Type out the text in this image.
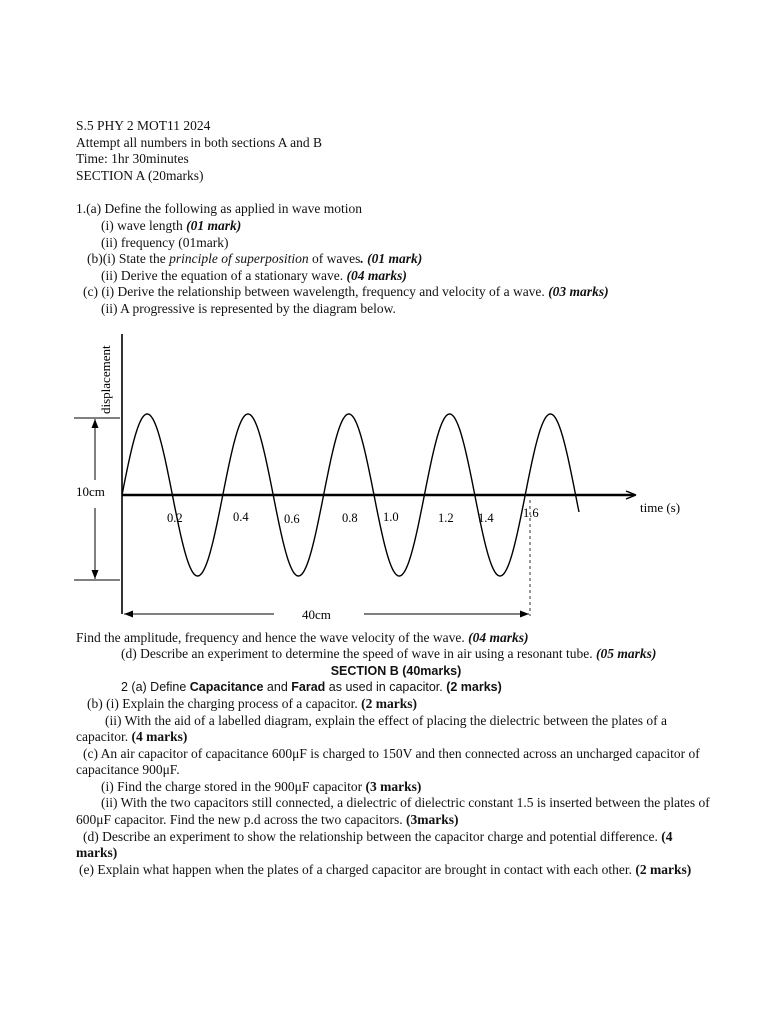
S.5 PHY 2 MOT11 2024
Attempt all numbers in both sections A and B
Time: 1hr 30minutes
SECTION A (20marks)
1.(a) Define the following as applied in wave motion
(i) wave length (01 mark)
(ii) frequency (01mark)
(b)(i) State the principle of superposition of waves. (01 mark)
(ii) Derive the equation of a stationary wave. (04 marks)
(c) (i) Derive the relationship between wavelength, frequency and velocity of a wave. (03 marks)
(ii) A progressive is represented by the diagram below.
displacement
10cm
0.2	0.4	0.6	0.8 1.0	1.2 1.4 1.6	time (s)
40cm
Find the amplitude, frequency and hence the wave velocity of the wave. (04 marks)
(d) Describe an experiment to determine the speed of wave in air using a resonant tube. (05 marks)
SECTION B (40marks)
2 (a) Define Capacitance and Farad as used in capacitor. (2 marks)
(b) (i) Explain the charging process of a capacitor. (2 marks)
(ii) With the aid of a labelled diagram, explain the effect of placing the dielectric between the plates of a capacitor. (4 marks)
(c) An air capacitor of capacitance 600μF is charged to 150V and then connected across an uncharged capacitor of capacitance 900μF.
(i) Find the charge stored in the 900μF capacitor (3 marks)
(ii) With the two capacitors still connected, a dielectric of dielectric constant 1.5 is inserted between the plates of 600μF capacitor. Find the new p.d across the two capacitors. (3marks)
(d) Describe an experiment to show the relationship between the capacitor charge and potential difference. (4 marks)
(e) Explain what happen when the plates of a charged capacitor are brought in contact with each other. (2 marks)
